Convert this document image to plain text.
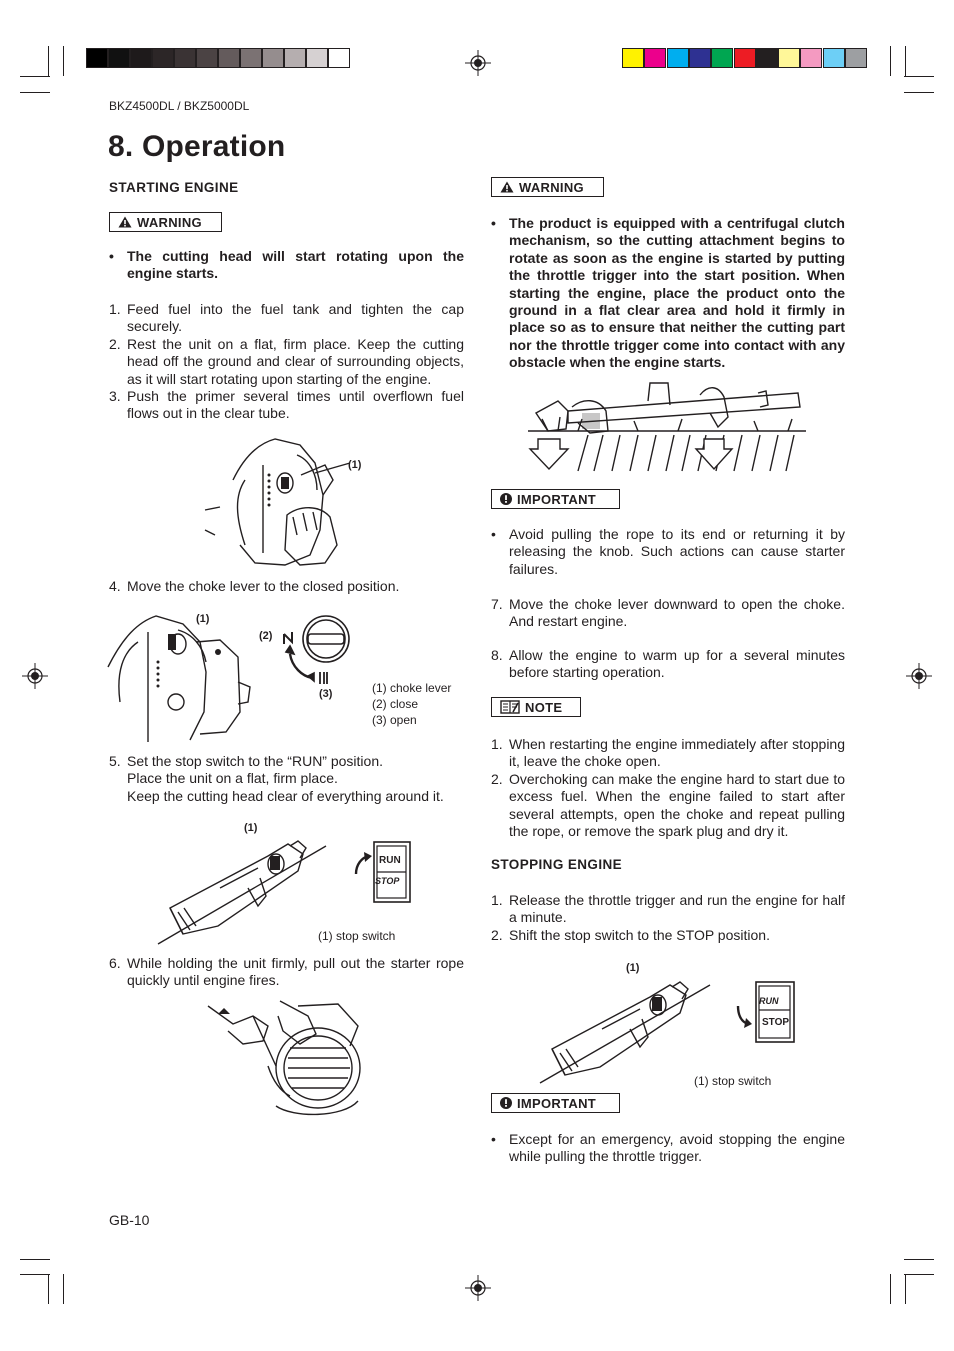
BKZ4500DL / BKZ5000DL
8. Operation
STARTING ENGINE
WARNING
• The cutting head will start rotating upon the engine starts.
1. Feed fuel into the fuel tank and tighten the cap securely.
2. Rest the unit on a flat, firm place. Keep the cutting head off the ground and clear of surrounding objects, as it will start rotating upon starting of the engine.
3. Push the primer several times until overflown fuel flows out in the clear tube.
(1)
4. Move the choke lever to the closed position.
(1)
(2)
(3)	(1) choke lever
(2) close
(3) open
5. Set the stop switch to the “RUN” position.
Place the unit on a flat, firm place.
Keep the cutting head clear of everything around it.
(1)
RUN
STOP
(1) stop switch
6. While holding the unit firmly, pull out the starter rope quickly until engine fires.
WARNING
• The product is equipped with a centrifugal clutch mechanism, so the cutting attachment begins to rotate as soon as the engine is started by putting the throttle trigger into the start position. When starting the engine, place the product onto the ground in a flat clear area and hold it firmly in place so as to ensure that neither the cutting part nor the throttle trigger come into contact with any obstacle when the engine starts.
IMPORTANT
• Avoid pulling the rope to its end or returning it by releasing the knob. Such actions can cause starter failures.
7. Move the choke lever downward to open the choke. And restart engine.
8. Allow the engine to warm up for a several minutes before starting operation.
NOTE
1. When restarting the engine immediately after stopping it, leave the choke open.
2. Overchoking can make the engine hard to start due to excess fuel. When the engine failed to start after several attempts, open the choke and repeat pulling the rope, or remove the spark plug and dry it.
STOPPING ENGINE
1. Release the throttle trigger and run the engine for half a minute.
2. Shift the stop switch to the STOP position.
(1)
RUN
STOP
(1) stop switch
IMPORTANT
• Except for an emergency, avoid stopping the engine while pulling the throttle trigger.
GB-10
